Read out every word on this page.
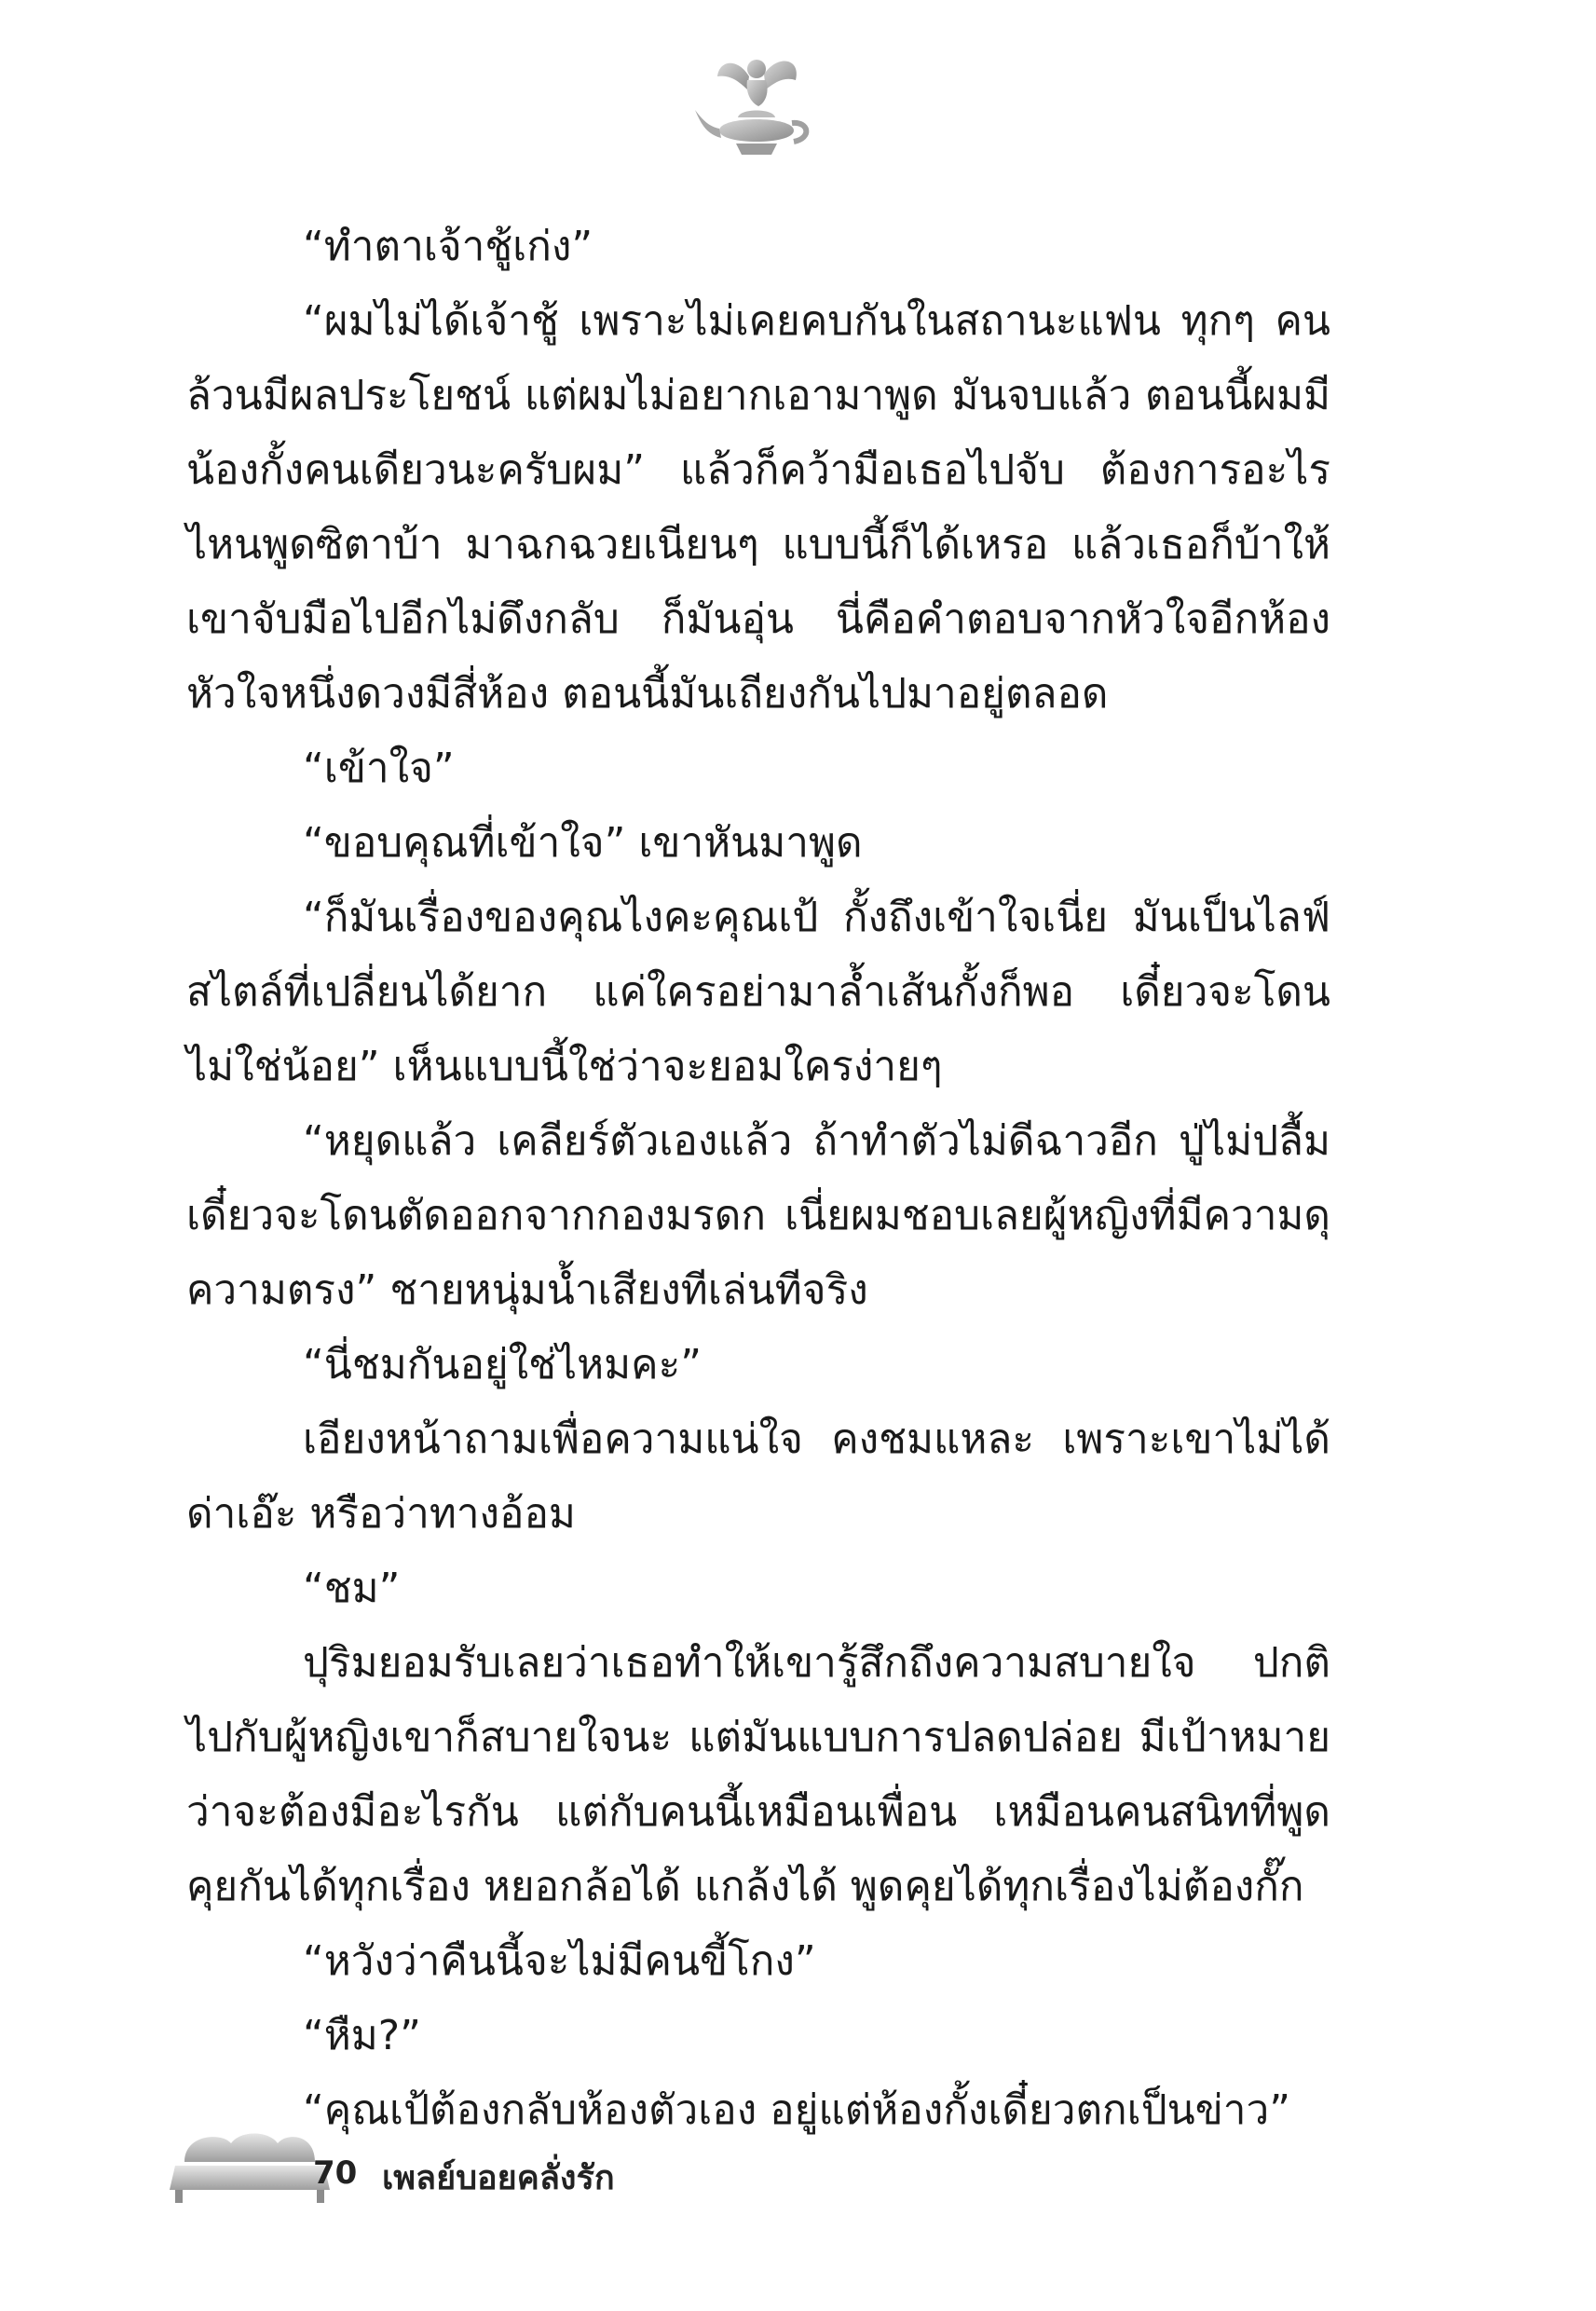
“ทำตาเจ้าชู้เก่ง”

“ผมไม่ได้เจ้าชู้ เพราะไม่เคยคบกันในสถานะแฟน ทุกๆ คนล้วนมีผลประโยชน์ แต่ผมไม่อยากเอามาพูด มันจบแล้ว ตอนนี้ผมมีน้องกั้งคนเดียวนะครับผม” แล้วก็คว้ามือเธอไปจับ ต้องการอะไรไหนพูดซิตาบ้า มาฉกฉวยเนียนๆ แบบนี้ก็ได้เหรอ แล้วเธอก็บ้าให้เขาจับมือไปอีกไม่ดึงกลับ ก็มันอุ่น นี่คือคำตอบจากหัวใจอีกห้อง หัวใจหนึ่งดวงมีสี่ห้อง ตอนนี้มันเถียงกันไปมาอยู่ตลอด

“เข้าใจ”

“ขอบคุณที่เข้าใจ” เขาหันมาพูด

“ก็มันเรื่องของคุณไงคะคุณเป้ กั้งถึงเข้าใจเนี่ย มันเป็นไลฟ์สไตล์ที่เปลี่ยนได้ยาก แค่ใครอย่ามาล้ำเส้นกั้งก็พอ เดี๋ยวจะโดนไม่ใช่น้อย” เห็นแบบนี้ใช่ว่าจะยอมใครง่ายๆ

“หยุดแล้ว เคลียร์ตัวเองแล้ว ถ้าทำตัวไม่ดีฉาวอีก ปู่ไม่ปลื้มเดี๋ยวจะโดนตัดออกจากกองมรดก เนี่ยผมชอบเลยผู้หญิงที่มีความดุความตรง” ชายหนุ่มน้ำเสียงทีเล่นทีจริง

“นี่ชมกันอยู่ใช่ไหมคะ”

เอียงหน้าถามเพื่อความแน่ใจ คงชมแหละ เพราะเขาไม่ได้ด่าเอ๊ะ หรือว่าทางอ้อม

“ชม”

ปุริมยอมรับเลยว่าเธอทำให้เขารู้สึกถึงความสบายใจ ปกติไปกับผู้หญิงเขาก็สบายใจนะ แต่มันแบบการปลดปล่อย มีเป้าหมายว่าจะต้องมีอะไรกัน แต่กับคนนี้เหมือนเพื่อน เหมือนคนสนิทที่พูดคุยกันได้ทุกเรื่อง หยอกล้อได้ แกล้งได้ พูดคุยได้ทุกเรื่องไม่ต้องกั๊ก

“หวังว่าคืนนี้จะไม่มีคนขี้โกง”

“หืม?”

“คุณเป้ต้องกลับห้องตัวเอง อยู่แต่ห้องกั้งเดี๋ยวตกเป็นข่าว”

70 เพลย์บอยคลั่งรัก
